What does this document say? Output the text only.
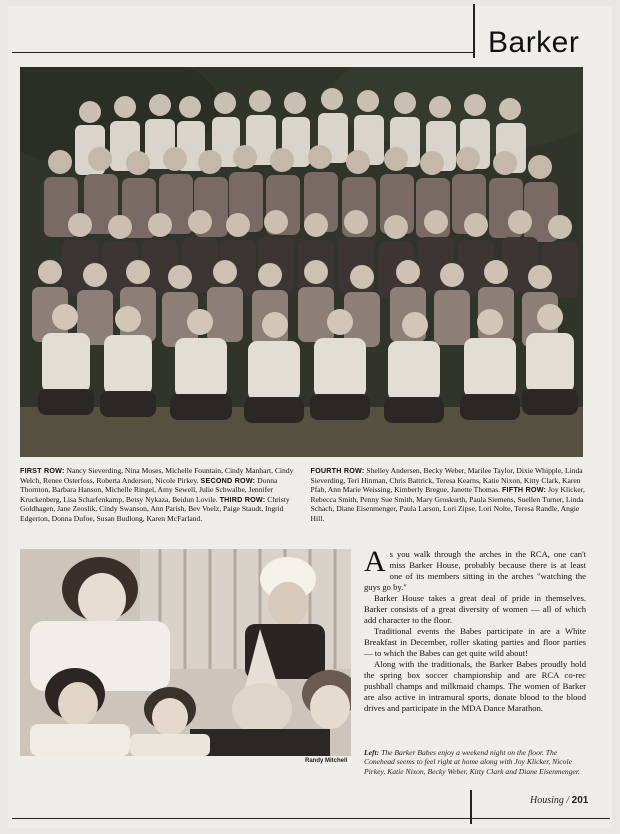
Barker
FIRST ROW: Nancy Sieverding, Nina Moses, Michelle Fountain, Cindy Manhart, Cindy Welch, Renee Osterfoss, Roberta Anderson, Nicole Pirkey. SECOND ROW: Donna Thornton, Barbara Hanson, Michelle Ringel, Amy Sewell, Julie Schwalbe, Jennifer Kruckenberg, Lisa Scharfenkamp, Betsy Nykaza, Beidun Lovile. THIRD ROW: Christy Goldhagen, Jane Zeoslik, Cindy Swanson, Ann Parish, Bev Voelz, Paige Staudt, Ingrid Edgerton, Donna Dufoe, Susan Budlong, Karen McFarland.
FOURTH ROW: Shelley Andersen, Becky Weber, Marilee Taylor, Dixie Whipple, Linda Sieverding, Teri Hinman, Chris Battrick, Teresa Kearns, Katie Nixon, Kitty Clark, Karen Pfab, Ann Marie Weissing, Kimberly Bregue, Janette Thomas. FIFTH ROW: Joy Klicker, Rebecca Smith, Penny Sue Smith, Mary Groskurth, Paula Siemens, Suellen Turner, Linda Schach, Diane Eisenmenger, Paula Larson, Lori Zipse, Lori Nolte, Teresa Randle, Angie Hill.
Randy Mitchell

As you walk through the arches in the RCA, one can't miss Barker House, probably because there is at least one of its members sitting in the arches "watching the guys go by."

Barker House takes a great deal of pride in themselves. Barker consists of a great diversity of women — all of which add character to the floor.

Traditional events the Babes participate in are a White Breakfast in December, roller skating parties and floor parties — to which the Babes can get quite wild about!

Along with the traditionals, the Barker Babes proudly hold the spring box soccer championship and are RCA co-rec pushball champs and milkmaid champs. The women of Barker are also active in intramural sports, donate blood to the blood drives and participate in the MDA Dance Marathon.

Left: The Barker Babes enjoy a weekend night on the floor. The Conehead seems to feel right at home along with Joy Klicker, Nicole Pirkey, Katie Nixon, Becky Weber, Kitty Clark and Diane Eisenmenger.
Housing / 201
